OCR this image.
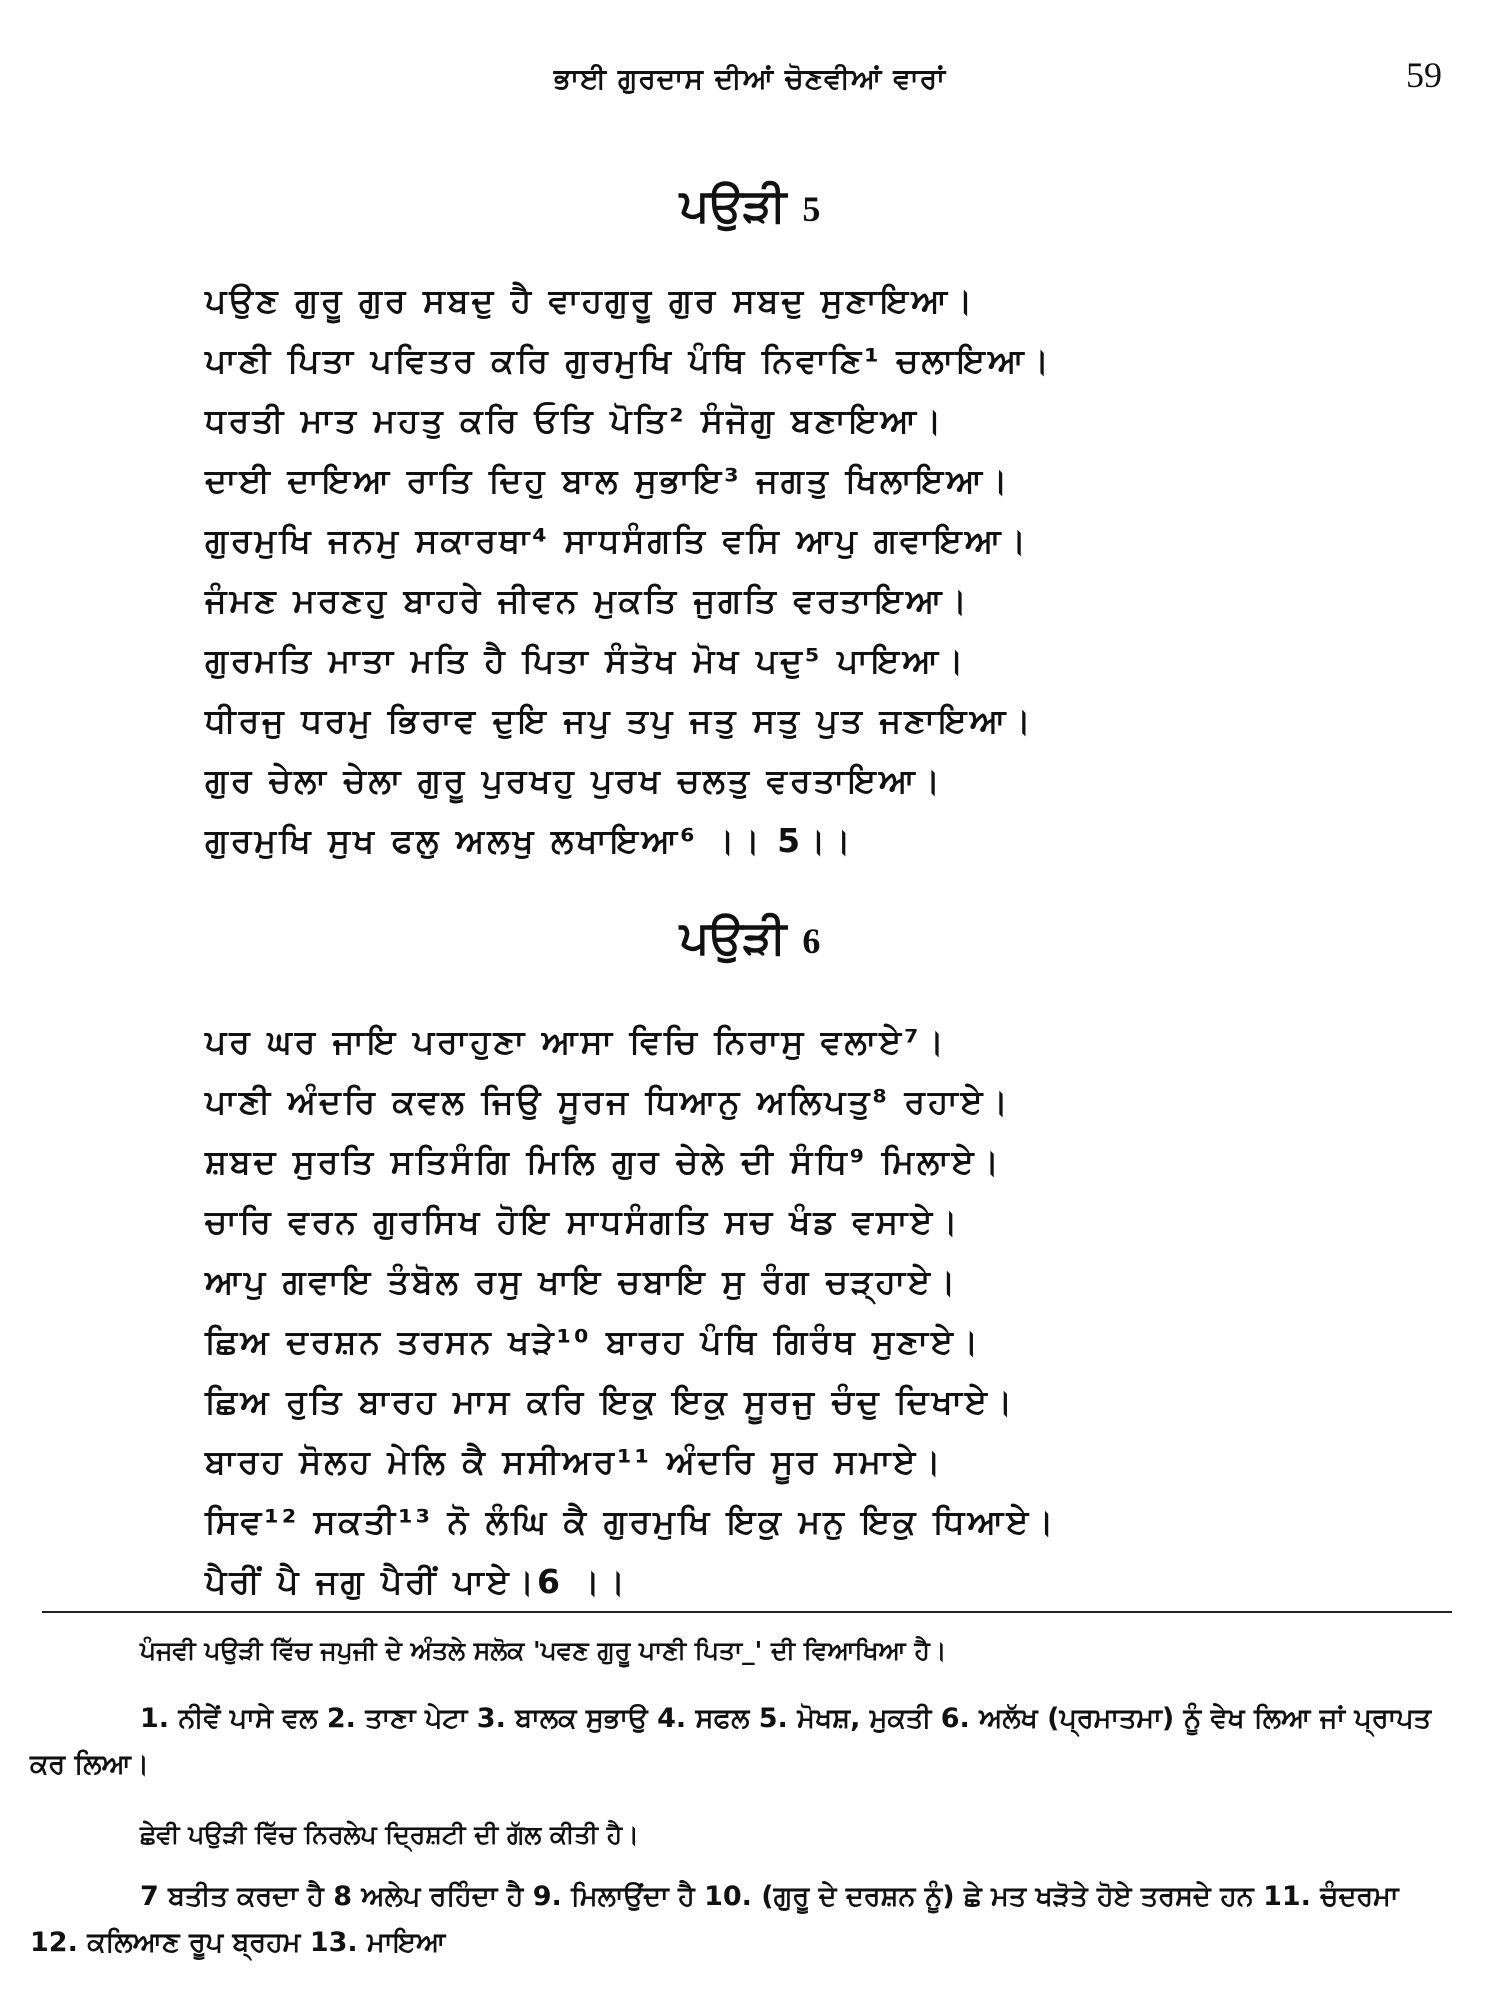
ਭਾਈ ਗੁਰਦਾਸ ਦੀਆਂ ਚੋਣਵੀਆਂ ਵਾਰਾਂ	59
ਪਉੜੀ 5
ਪਉਣ ਗੁਰੂ ਗੁਰ ਸਬਦੁ ਹੈ ਵਾਹਗੁਰੂ ਗੁਰ ਸਬਦੁ ਸੁਣਾਇਆ।
ਪਾਣੀ ਪਿਤਾ ਪਵਿਤਰ ਕਰਿ ਗੁਰਮੁਖਿ ਪੰਥਿ ਨਿਵਾਣਿ¹ ਚਲਾਇਆ।
ਧਰਤੀ ਮਾਤ ਮਹਤੁ ਕਰਿ ਓਤਿ ਪੋਤਿ² ਸੰਜੋਗੁ ਬਣਾਇਆ।
ਦਾਈ ਦਾਇਆ ਰਾਤਿ ਦਿਹੁ ਬਾਲ ਸੁਭਾਇ³ ਜਗਤੁ ਖਿਲਾਇਆ।
ਗੁਰਮੁਖਿ ਜਨਮੁ ਸਕਾਰਥਾ⁴ ਸਾਧਸੰਗਤਿ ਵਸਿ ਆਪੁ ਗਵਾਇਆ।
ਜੰਮਣ ਮਰਣਹੁ ਬਾਹਰੇ ਜੀਵਨ ਮੁਕਤਿ ਜੁਗਤਿ ਵਰਤਾਇਆ।
ਗੁਰਮਤਿ ਮਾਤਾ ਮਤਿ ਹੈ ਪਿਤਾ ਸੰਤੋਖ ਮੋਖ ਪਦੁ⁵ ਪਾਇਆ।
ਧੀਰਜੁ ਧਰਮੁ ਭਿਰਾਵ ਦੁਇ ਜਪੁ ਤਪੁ ਜਤੁ ਸਤੁ ਪੁਤ ਜਣਾਇਆ।
ਗੁਰ ਚੇਲਾ ਚੇਲਾ ਗੁਰੂ ਪੁਰਖਹੁ ਪੁਰਖ ਚਲਤੁ ਵਰਤਾਇਆ।
ਗੁਰਮੁਖਿ ਸੁਖ ਫਲੁ ਅਲਖੁ ਲਖਾਇਆ⁶ ।। 5।।
ਪਉੜੀ 6
ਪਰ ਘਰ ਜਾਇ ਪਰਾਹੁਣਾ ਆਸਾ ਵਿਚਿ ਨਿਰਾਸੁ ਵਲਾਏ⁷।
ਪਾਣੀ ਅੰਦਰਿ ਕਵਲ ਜਿਉ ਸੂਰਜ ਧਿਆਨੁ ਅਲਿਪਤੁ⁸ ਰਹਾਏ।
ਸ਼ਬਦ ਸੁਰਤਿ ਸਤਿਸੰਗਿ ਮਿਲਿ ਗੁਰ ਚੇਲੇ ਦੀ ਸੰਧਿ⁹ ਮਿਲਾਏ।
ਚਾਰਿ ਵਰਨ ਗੁਰਸਿਖ ਹੋਇ ਸਾਧਸੰਗਤਿ ਸਚ ਖੰਡ ਵਸਾਏ।
ਆਪੁ ਗਵਾਇ ਤੰਬੋਲ ਰਸੁ ਖਾਇ ਚਬਾਇ ਸੁ ਰੰਗ ਚੜ੍ਹਾਏ।
ਛਿਅ ਦਰਸ਼ਨ ਤਰਸਨ ਖੜੇ¹⁰ ਬਾਰਹ ਪੰਥਿ ਗਿਰੰਥ ਸੁਣਾਏ।
ਛਿਅ ਰੁਤਿ ਬਾਰਹ ਮਾਸ ਕਰਿ ਇਕੁ ਇਕੁ ਸੂਰਜੁ ਚੰਦੁ ਦਿਖਾਏ।
ਬਾਰਹ ਸੋਲਹ ਮੇਲਿ ਕੈ ਸਸੀਅਰ¹¹ ਅੰਦਰਿ ਸੂਰ ਸਮਾਏ।
ਸਿਵ¹² ਸਕਤੀ¹³ ਨੋ ਲੰਘਿ ਕੈ ਗੁਰਮੁਖਿ ਇਕੁ ਮਨੁ ਇਕੁ ਧਿਆਏ।
ਪੈਰੀਂ ਪੈ ਜਗੁ ਪੈਰੀਂ ਪਾਏ।6 ।।
ਪੰਜਵੀ ਪਉੜੀ ਵਿੱਚ ਜਪੁਜੀ ਦੇ ਅੰਤਲੇ ਸਲੋਕ 'ਪਵਣ ਗੁਰੂ ਪਾਣੀ ਪਿਤਾ_' ਦੀ ਵਿਆਖਿਆ ਹੈ।

1. ਨੀਵੇਂ ਪਾਸੇ ਵਲ 2. ਤਾਣਾ ਪੇਟਾ 3. ਬਾਲਕ ਸੁਭਾਉ 4. ਸਫਲ 5. ਮੋਖਸ਼, ਮੁਕਤੀ 6. ਅਲੱਖ (ਪ੍ਰਮਾਤਮਾ) ਨੂੰ ਵੇਖ ਲਿਆ ਜਾਂ ਪ੍ਰਾਪਤ ਕਰ ਲਿਆ।

ਛੇਵੀ ਪਉੜੀ ਵਿੱਚ ਨਿਰਲੇਪ ਦ੍ਰਿਸ਼ਟੀ ਦੀ ਗੱਲ ਕੀਤੀ ਹੈ।

7 ਬਤੀਤ ਕਰਦਾ ਹੈ 8 ਅਲੇਪ ਰਹਿੰਦਾ ਹੈ 9. ਮਿਲਾਉਂਦਾ ਹੈ 10. (ਗੁਰੂ ਦੇ ਦਰਸ਼ਨ ਨੂੰ) ਛੇ ਮਤ ਖੜੋਤੇ ਹੋਏ ਤਰਸਦੇ ਹਨ 11. ਚੰਦਰਮਾ 12. ਕਲਿਆਣ ਰੂਪ ਬ੍ਰਹਮ 13. ਮਾਇਆ
